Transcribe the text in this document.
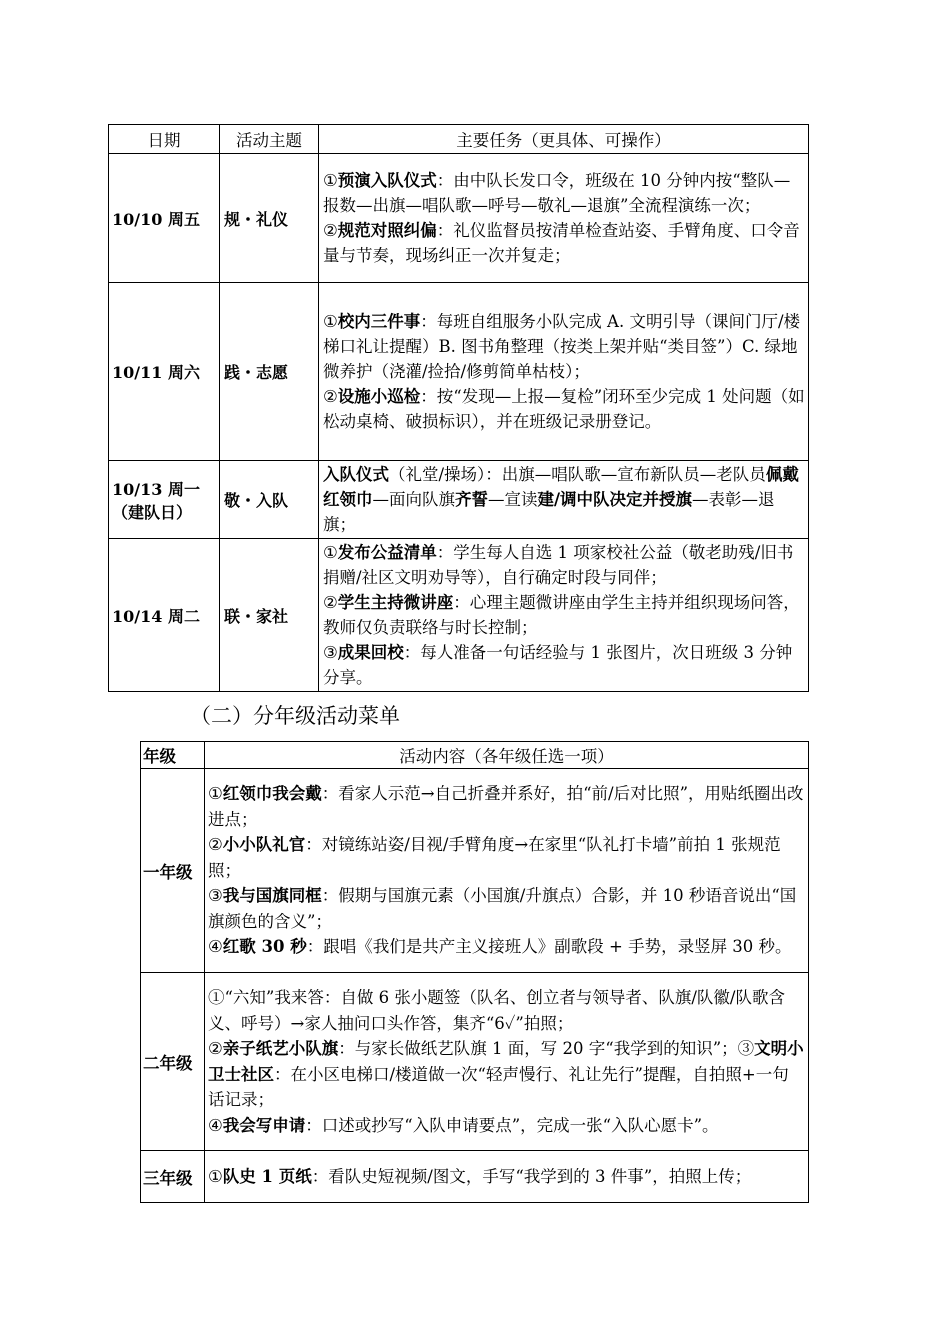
日期	活动主题	主要任务（更具体、可操作）
10/10 周五	规・礼仪	①预演入队仪式：由中队长发口令，班级在 10 分钟内按“整队—报数—出旗—唱队歌—呼号—敬礼—退旗”全流程演练一次；
②规范对照纠偏：礼仪监督员按清单检查站姿、手臂角度、口令音量与节奏，现场纠正一次并复走；

10/11 周六	践・志愿	①校内三件事：每班自组服务小队完成 A. 文明引导（课间门厅/楼梯口礼让提醒）B. 图书角整理（按类上架并贴“类目签”）C. 绿地微养护（浇灌/捡拾/修剪简单枯枝）；
②设施小巡检：按“发现—上报—复检”闭环至少完成 1 处问题（如松动桌椅、破损标识），并在班级记录册登记。

10/13 周一
（建队日）	敬・入队	入队仪式（礼堂/操场）：出旗—唱队歌—宣布新队员—老队员佩戴红领巾—面向队旗齐誓—宣读建/调中队决定并授旗—表彰—退旗；

10/14 周二	联・家社	①发布公益清单：学生每人自选 1 项家校社公益（敬老助残/旧书捐赠/社区文明劝导等），自行确定时段与同伴；
②学生主持微讲座：心理主题微讲座由学生主持并组织现场问答，教师仅负责联络与时长控制；
③成果回校：每人准备一句话经验与 1 张图片，次日班级 3 分钟分享。
（二）分年级活动菜单
年级	活动内容（各年级任选一项）
一年级	①红领巾我会戴：看家人示范→自己折叠并系好，拍“前/后对比照”，用贴纸圈出改进点；
②小小队礼官：对镜练站姿/目视/手臂角度→在家里“队礼打卡墙”前拍 1 张规范照；
③我与国旗同框：假期与国旗元素（小国旗/升旗点）合影，并 10 秒语音说出“国旗颜色的含义”；
④红歌 30 秒：跟唱《我们是共产主义接班人》副歌段 + 手势，录竖屏 30 秒。

二年级	①“六知”我来答：自做 6 张小题签（队名、创立者与领导者、队旗/队徽/队歌含义、呼号）→家人抽问口头作答，集齐“6✓”拍照；
②亲子纸艺小队旗：与家长做纸艺队旗 1 面，写 20 字“我学到的知识”；③文明小卫士社区：在小区电梯口/楼道做一次“轻声慢行、礼让先行”提醒，自拍照+一句话记录；
④我会写申请：口述或抄写“入队申请要点”，完成一张“入队心愿卡”。

三年级	①队史 1 页纸：看队史短视频/图文，手写“我学到的 3 件事”，拍照上传；
